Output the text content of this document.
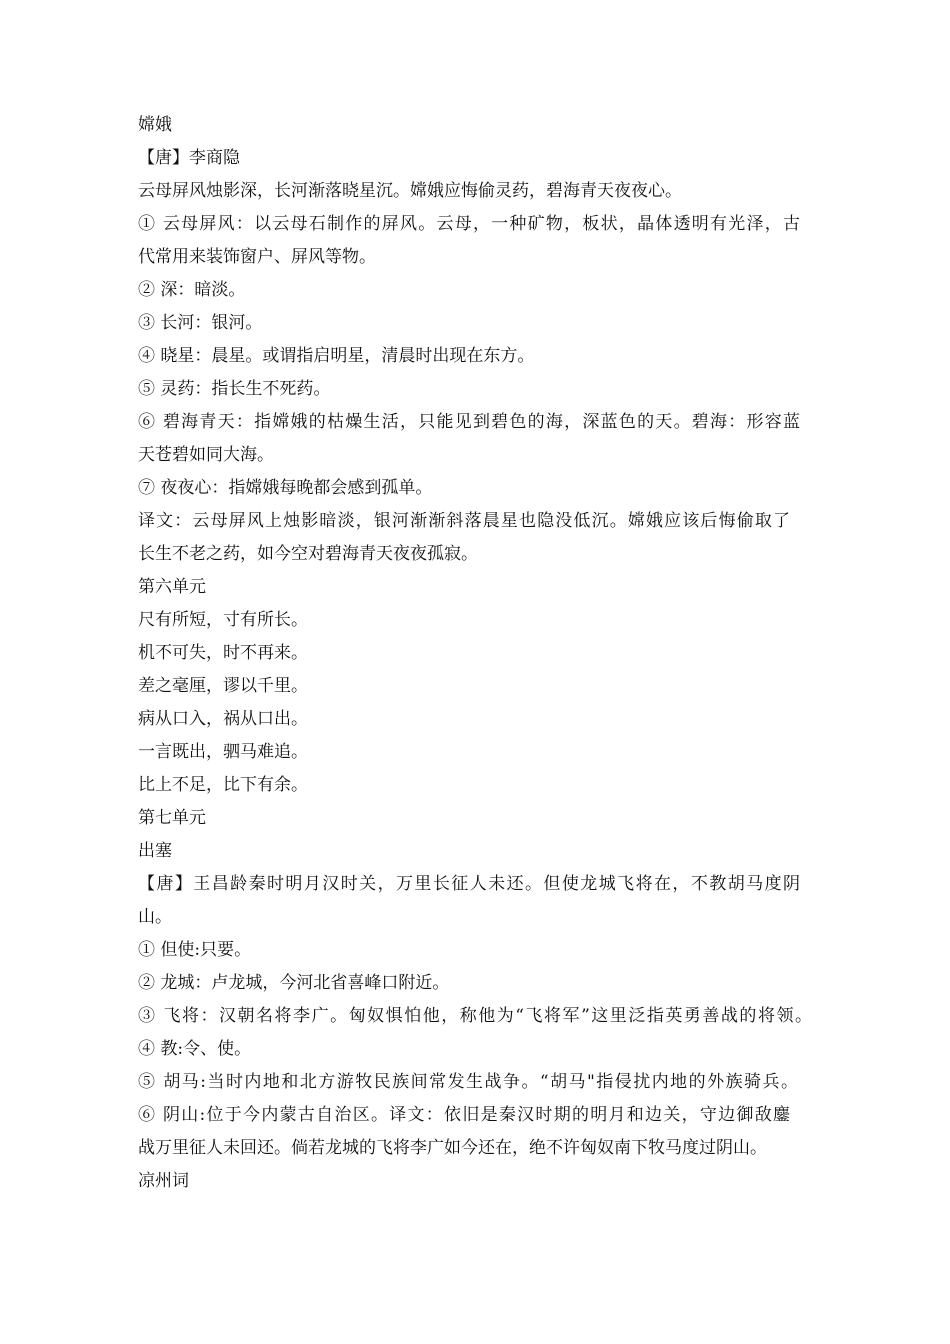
嫦娥
【唐】李商隐
云母屏风烛影深，长河渐落晓星沉。嫦娥应悔偷灵药，碧海青天夜夜心。
① 云母屏风：以云母石制作的屏风。云母，一种矿物，板状，晶体透明有光泽，古
代常用来装饰窗户、屏风等物。
② 深：暗淡。
③ 长河：银河。
④ 晓星：晨星。或谓指启明星，清晨时出现在东方。
⑤ 灵药：指长生不死药。
⑥ 碧海青天：指嫦娥的枯燥生活，只能见到碧色的海，深蓝色的天。碧海：形容蓝
天苍碧如同大海。
⑦ 夜夜心：指嫦娥每晚都会感到孤单。
译文：云母屏风上烛影暗淡，银河渐渐斜落晨星也隐没低沉。嫦娥应该后悔偷取了
长生不老之药，如今空对碧海青天夜夜孤寂。
第六单元
尺有所短，寸有所长。
机不可失，时不再来。
差之毫厘，谬以千里。
病从口入，祸从口出。
一言既出，驷马难追。
比上不足，比下有余。
第七单元
出塞
【唐】王昌龄秦时明月汉时关，万里长征人未还。但使龙城飞将在，不教胡马度阴
山。
① 但使:只要。
② 龙城：卢龙城，今河北省喜峰口附近。
③ 飞将：汉朝名将李广。匈奴惧怕他，称他为“飞将军”这里泛指英勇善战的将领。
④ 教:令、使。
⑤ 胡马:当时内地和北方游牧民族间常发生战争。“胡马"指侵扰内地的外族骑兵。
⑥ 阴山:位于今内蒙古自治区。译文：依旧是秦汉时期的明月和边关，守边御敌鏖
战万里征人未回还。倘若龙城的飞将李广如今还在，绝不许匈奴南下牧马度过阴山。
凉州词
